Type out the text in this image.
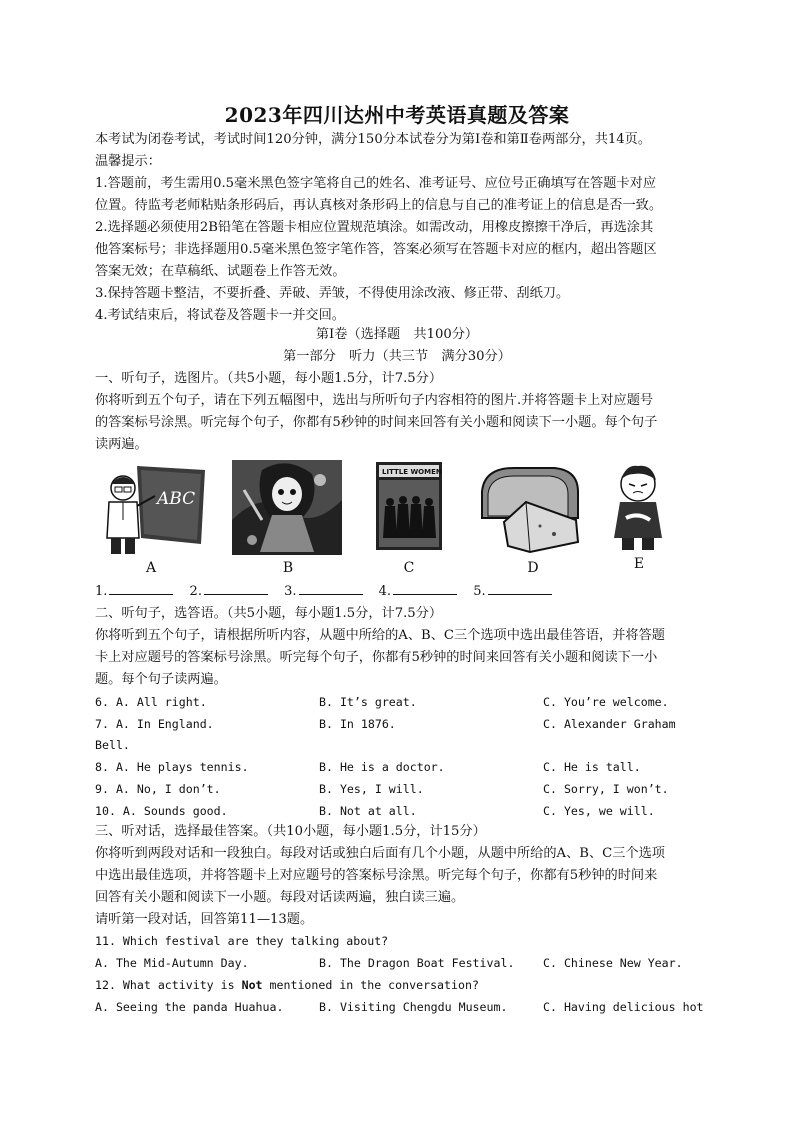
2023年四川达州中考英语真题及答案
本考试为闭卷考试，考试时间120分钟，满分150分本试卷分为第Ⅰ卷和第Ⅱ卷两部分，共14页。
温馨提示：
1.答题前，考生需用0.5毫米黑色签字笔将自己的姓名、准考证号、应位号正确填写在答题卡对应
位置。待监考老师粘贴条形码后，再认真核对条形码上的信息与自己的准考证上的信息是否一致。
2.选择题必须使用2B铅笔在答题卡相应位置规范填涂。如需改动，用橡皮擦擦干净后，再选涂其
他答案标号；非选择题用0.5毫米黑色签字笔作答，答案必须写在答题卡对应的框内，超出答题区
答案无效；在草稿纸、试题卷上作答无效。
3.保持答题卡整洁，不要折叠、弄破、弄皱，不得使用涂改液、修正带、刮纸刀。
4.考试结束后，将试卷及答题卡一并交回。
第Ⅰ卷（选择题　共100分）
第一部分　听力（共三节　满分30分）
一、听句子，选图片。（共5小题，每小题1.5分，计7.5分）
你将听到五个句子，请在下列五幅图中，选出与所听句子内容相符的图片.并将答题卡上对应题号
的答案标号涂黑。听完每个句子，你都有5秒钟的时间来回答有关小题和阅读下一小题。每个句子
读两遍。
ABC
A	B
LITTLE WOMEN
C	D	E
1.	2.	3.	4.	5.
二、听句子，选答语。（共5小题，每小题1.5分，计7.5分）
你将听到五个句子，请根据所听内容，从题中所给的A、B、C三个选项中选出最佳答语，并将答题
卡上对应题号的答案标号涂黑。听完每个句子，你都有5秒钟的时间来回答有关小题和阅读下一小
题。每个句子读两遍。
6. A. All right.	B. It’s great.	C. You’re welcome.
7. A. In England.	B. In 1876.	C. Alexander Graham
Bell.
8. A. He plays tennis.	B. He is a doctor.	C. He is tall.
9. A. No, I don’t.	B. Yes, I will.	C. Sorry, I won’t.
10. A. Sounds good.	B. Not at all.	C. Yes, we will.
三、听对话，选择最佳答案。（共10小题，每小题1.5分，计15分）
你将听到两段对话和一段独白。每段对话或独白后面有几个小题，从题中所给的A、B、C三个选项
中选出最佳选项，并将答题卡上对应题号的答案标号涂黑。听完每个句子，你都有5秒钟的时间来
回答有关小题和阅读下一小题。每段对话读两遍，独白读三遍。
请听第一段对话，回答第11—13题。
11. Which festival are they talking about?
A. The Mid-Autumn Day.	B. The Dragon Boat Festival. C. Chinese New Year.
12. What activity is Not mentioned in the conversation?
A. Seeing the panda Huahua.	B. Visiting Chengdu Museum.	C. Having delicious hot
